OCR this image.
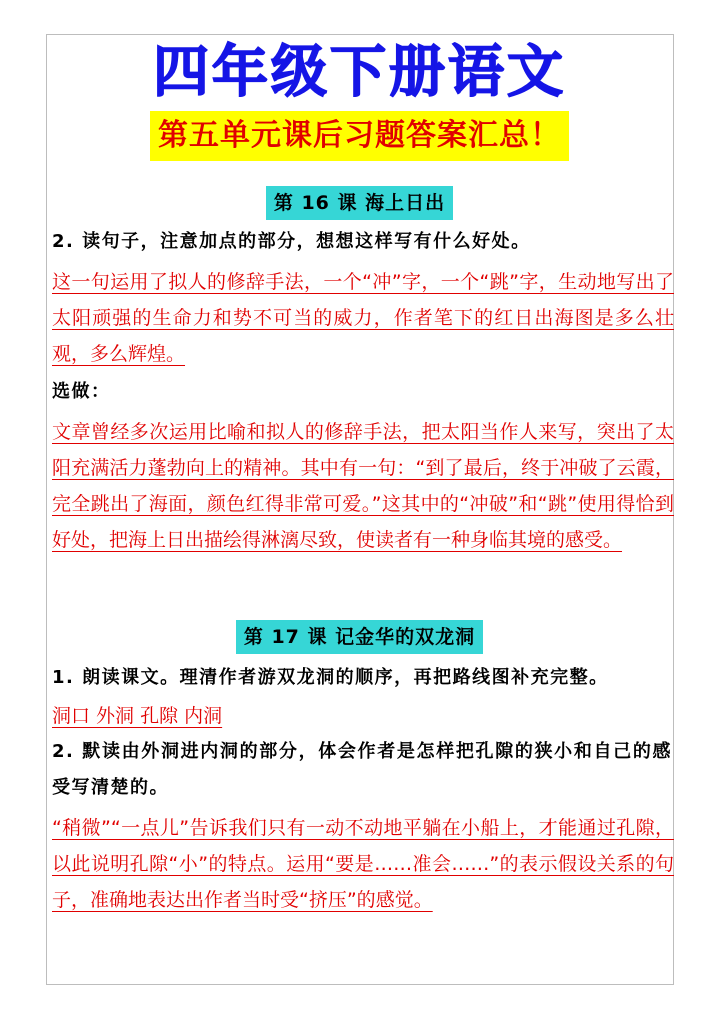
四年级下册语文
第五单元课后习题答案汇总！
第 16 课 海上日出

2. 读句子，注意加点的部分，想想这样写有什么好处。

这一句运用了拟人的修辞手法，一个“冲”字，一个“跳”字，生动地写出了太阳顽强的生命力和势不可当的威力，作者笔下的红日出海图是多么壮观，多么辉煌。

选做：

文章曾经多次运用比喻和拟人的修辞手法，把太阳当作人来写，突出了太阳充满活力蓬勃向上的精神。其中有一句：“到了最后，终于冲破了云霞，完全跳出了海面，颜色红得非常可爱。”这其中的“冲破”和“跳”使用得恰到好处，把海上日出描绘得淋漓尽致，使读者有一种身临其境的感受。

第 17 课 记金华的双龙洞

1. 朗读课文。理清作者游双龙洞的顺序，再把路线图补充完整。

洞口 外洞 孔隙 内洞

2. 默读由外洞进内洞的部分，体会作者是怎样把孔隙的狭小和自己的感受写清楚的。

“稍微”“一点儿”告诉我们只有一动不动地平躺在小船上，才能通过孔隙，以此说明孔隙“小”的特点。运用“要是……准会……”的表示假设关系的句子，准确地表达出作者当时受“挤压”的感觉。
